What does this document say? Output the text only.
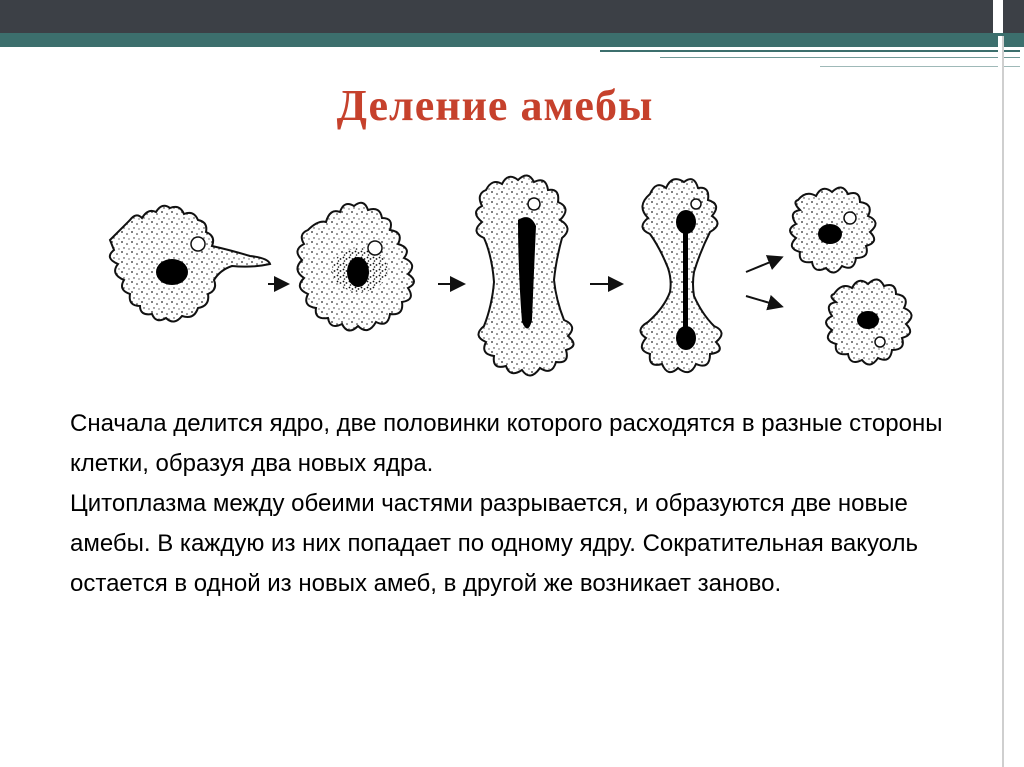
Деление амебы

Сначала делится ядро, две половинки которого расходятся в разные стороны клетки, образуя два новых ядра.

Цитоплазма между обеими частями разрывается, и образуются две новые амебы. В каждую из них попадает по одному ядру. Сократительная вакуоль остается в одной из новых амеб, в другой же возникает заново.
